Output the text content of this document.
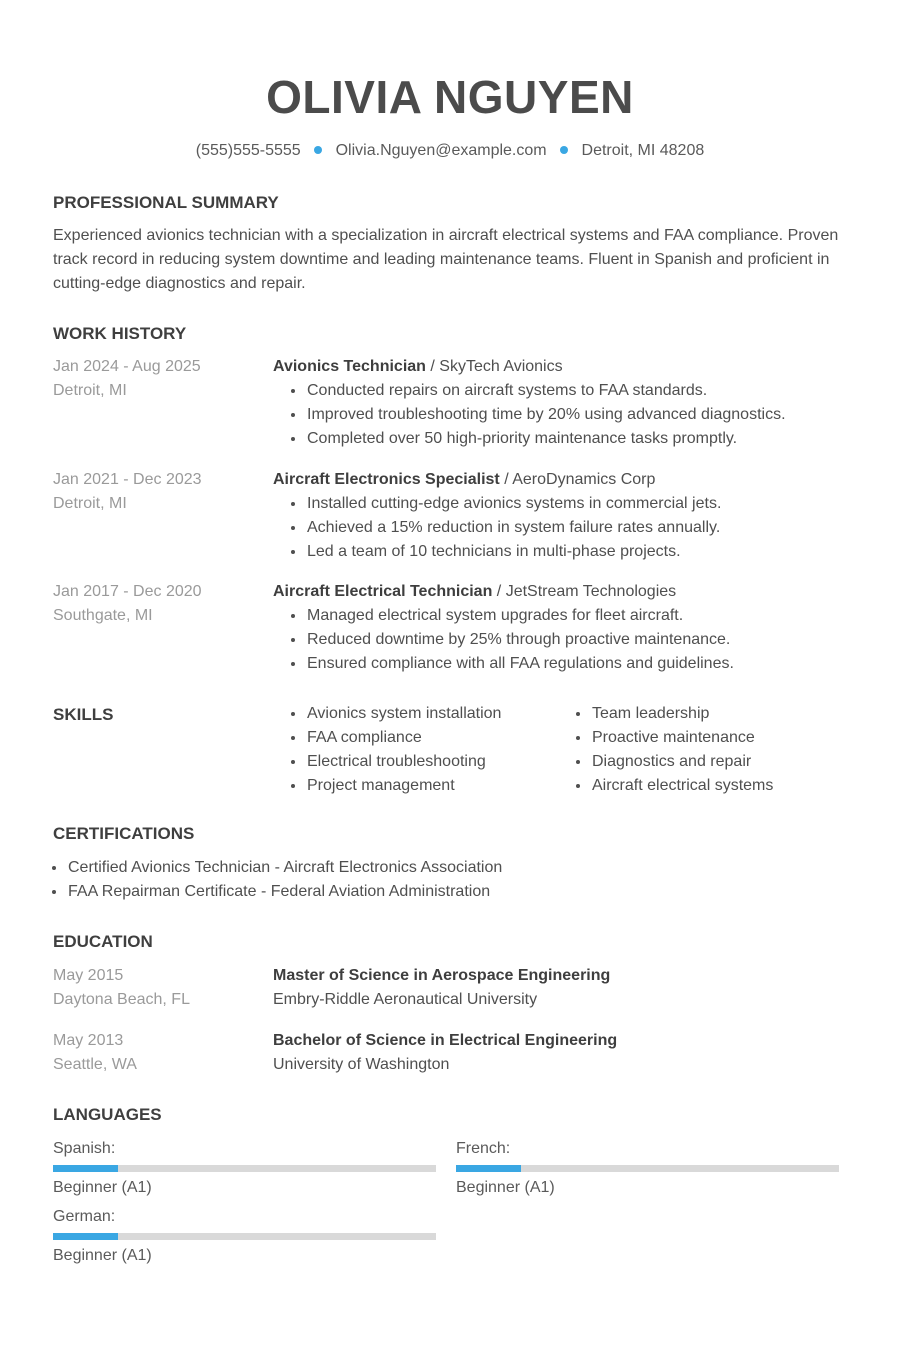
OLIVIA NGUYEN
(555)555-5555 Olivia.Nguyen@example.com Detroit, MI 48208
PROFESSIONAL SUMMARY
Experienced avionics technician with a specialization in aircraft electrical systems and FAA compliance. Proven track record in reducing system downtime and leading maintenance teams. Fluent in Spanish and proficient in cutting-edge diagnostics and repair.
WORK HISTORY
Jan 2024 - Aug 2025
Detroit, MI
Avionics Technician / SkyTech Avionics
Conducted repairs on aircraft systems to FAA standards.
Improved troubleshooting time by 20% using advanced diagnostics.
Completed over 50 high-priority maintenance tasks promptly.
Jan 2021 - Dec 2023
Detroit, MI
Aircraft Electronics Specialist / AeroDynamics Corp
Installed cutting-edge avionics systems in commercial jets.
Achieved a 15% reduction in system failure rates annually.
Led a team of 10 technicians in multi-phase projects.
Jan 2017 - Dec 2020
Southgate, MI
Aircraft Electrical Technician / JetStream Technologies
Managed electrical system upgrades for fleet aircraft.
Reduced downtime by 25% through proactive maintenance.
Ensured compliance with all FAA regulations and guidelines.
SKILLS	Avionics system installation
FAA compliance
Electrical troubleshooting
Project management
Team leadership
Proactive maintenance
Diagnostics and repair
Aircraft electrical systems
CERTIFICATIONS
Certified Avionics Technician - Aircraft Electronics Association
FAA Repairman Certificate - Federal Aviation Administration
EDUCATION
May 2015
Daytona Beach, FL
Master of Science in Aerospace Engineering
Embry-Riddle Aeronautical University
May 2013
Seattle, WA
Bachelor of Science in Electrical Engineering
University of Washington
LANGUAGES
Spanish:
Beginner (A1)
French:
Beginner (A1)
German:
Beginner (A1)
